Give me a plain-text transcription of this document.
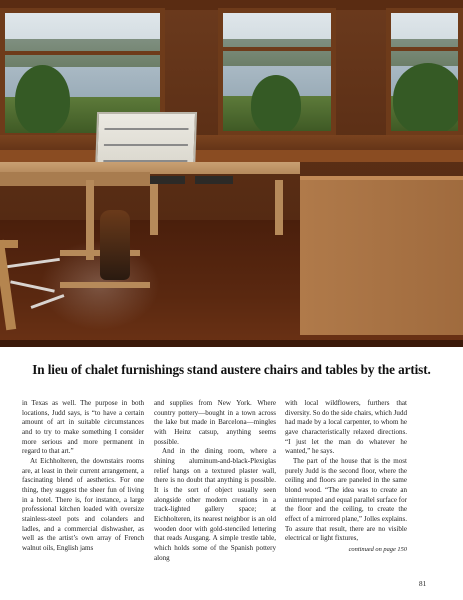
In lieu of chalet furnishings stand austere chairs and tables by the artist.

in Texas as well. The purpose in both locations, Judd says, is “to have a certain amount of art in suitable circumstances and to try to make something I consider more serious and more permanent in regard to that art.”

At Eichholteren, the downstairs rooms are, at least in their current arrangement, a fascinating blend of aesthetics. For one thing, they suggest the sheer fun of living in a hotel. There is, for instance, a large professional kitchen loaded with oversize stainless-steel pots and colanders and ladles, and a commercial dishwasher, as well as the artist’s own array of French walnut oils, English jams

and supplies from New York. Where country pottery—bought in a town across the lake but made in Barcelona—mingles with Heinz catsup, anything seems possible.

And in the dining room, where a shining aluminum-and-black-Plexiglas relief hangs on a textured plaster wall, there is no doubt that anything is possible. It is the sort of object usually seen alongside other modern creations in a track-lighted gallery space; at Eichholteren, its nearest neighbor is an old wooden door with gold-stenciled lettering that reads Ausgang. A simple trestle table, which holds some of the Spanish pottery along

with local wildflowers, furthers that diversity. So do the side chairs, which Judd had made by a local carpenter, to whom he gave characteristically relaxed directions. “I just let the man do whatever he wanted,” he says.

The part of the house that is the most purely Judd is the second floor, where the ceiling and floors are paneled in the same blond wood. “The idea was to create an uninterrupted and equal parallel surface for the floor and the ceiling, to create the effect of a mirrored plane,” Jolles explains. To assure that result, there are no visible electrical or light fixtures,

continued on page 150
81
